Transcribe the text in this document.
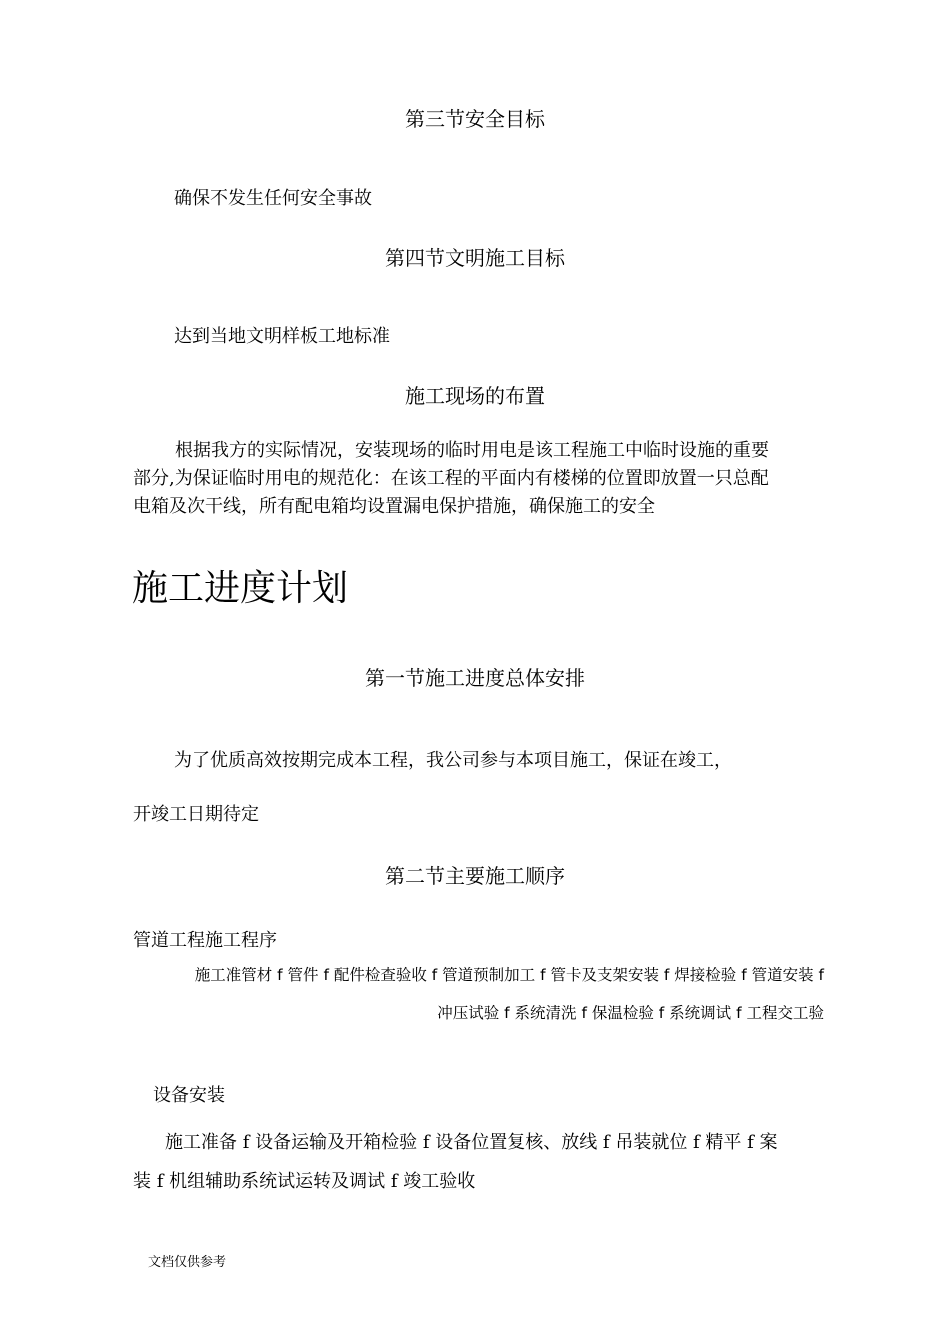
第三节安全目标
确保不发生任何安全事故
第四节文明施工目标
达到当地文明样板工地标准
施工现场的布置
根据我方的实际情况，安装现场的临时用电是该工程施工中临时设施的重要
部分,为保证临时用电的规范化：在该工程的平面内有楼梯的位置即放置一只总配
电箱及次干线，所有配电箱均设置漏电保护措施，确保施工的安全
施工进度计划
第一节施工进度总体安排
为了优质高效按期完成本工程，我公司参与本项目施工，保证在竣工，
开竣工日期待定
第二节主要施工顺序
管道工程施工程序
施工准管材 f 管件 f 配件检查验收 f 管道预制加工 f 管卡及支架安装 f 焊接检验 f 管道安装 f
冲压试验 f 系统清洗 f 保温检验 f 系统调试 f 工程交工验
设备安装
施工准备 f 设备运输及开箱检验 f 设备位置复核、放线 f 吊装就位 f 精平 f 案
装 f 机组辅助系统试运转及调试 f 竣工验收
文档仅供参考
